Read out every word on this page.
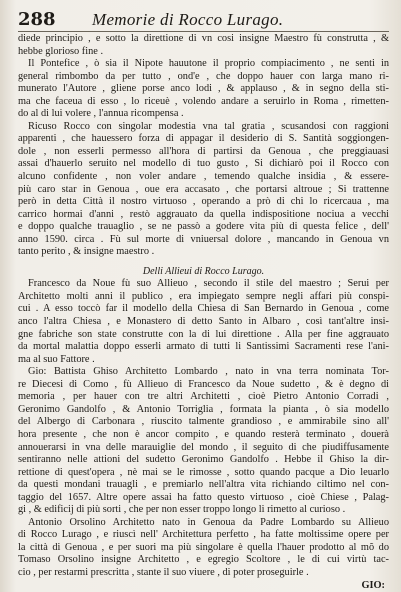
288	Memorie di Rocco Lurago.
diede principio , e sotto la direttione di vn cosi insigne Maestro fù construtta , &
hebbe glorioso fine .
Il Pontefice , ò sia il Nipote hauutone il proprio compiacimento , ne senti in
general rimbombo da per tutto , ond'e , che doppo hauer con larga mano ri-
munerato l'Autore , gliene porse anco lodi , & applauso , & in segno della sti-
ma che faceua di esso , lo riceuè , volendo andare a seruirlo in Roma , rimetten-
do al di lui volere , l'annua ricompensa .
Ricuso Rocco con singolar modestia vna tal gratia , scusandosi con raggioni
apparenti , che hauessero forza di appagar il desiderio di S. Santità soggiongen-
dole , non esserli permesso all'hora di partirsi da Genoua , che preggiauasi
assai d'hauerlo seruito nel modello di tuo gusto , Si dichiarò poi il Rocco con
alcuno confidente , non voler andare , temendo qualche insidia , & essere-
più caro star in Genoua , oue era accasato , che portarsi altroue ; Si trattenne
però in detta Città il nostro virtuoso , operando a prò di chi lo ricercaua , ma
carrico hormai d'anni , restò aggrauato da quella indispositione nociua a vecchi
e doppo qualche trauaglio , se ne passò a godere vita più di questa felice , dell'
anno 1590. circa . Fù sul morte di vniuersal dolore , mancando in Genoua vn
tanto perito , & insigne maestro .
Delli Allieui di Rocco Lurago.
Francesco da Noue fù suo Allieuo , secondo il stile del maestro ; Serui per
Architetto molti anni il publico , era impiegato sempre negli affari più conspi-
cui . A esso toccò far il modello della Chiesa di San Bernardo in Genoua , come
anco l'altra Chiesa , e Monastero di detto Santo in Albaro , così tant'altre insi-
gne fabriche son state construtte con la di lui direttione . Alla per fine aggrauato
da mortal malattia doppo esserli armato di tutti li Santissimi Sacramenti rese l'ani-
ma al suo Fattore .
Gio: Battista Ghiso Architetto Lombardo , nato in vna terra nominata Tor-
re Diecesi di Como , fù Allieuo di Francesco da Noue sudetto , & è degno di
memoria , per hauer con tre altri Architetti , cioè Pietro Antonio Corradi ,
Geronimo Gandolfo , & Antonio Torriglia , formata la pianta , ò sia modello
del Albergo di Carbonara , riuscito talmente grandioso , e ammirabile sino all'
hora presente , che non è ancor compito , e quando resterà terminato , douerà
annouerarsi in vna delle marauiglie del mondo , il seguito di che piudiffusamente
sentiranno nelle attioni del sudetto Geronimo Gandolfo . Hebbe il Ghiso la dir-
rettione di quest'opera , nè mai se le rimosse , sotto quando pacque a Dio leuarlo
da questi mondani trauagli , e premiarlo nell'altra vita richiando ciltimo nel con-
taggio del 1657. Altre opere assai ha fatto questo virtuoso , cioè Chiese , Palag-
gi , & edificij di più sorti , che per non esser troppo longo li rimetto al curioso .
Antonio Orsolino Architetto nato in Genoua da Padre Lombardo su Allieuo
di Rocco Lurago , e riuscì nell' Architettura perfetto , ha fatte moltissime opere per
la città di Genoua , e per suori ma più singolare è quella l'hauer prodotto al mõ do
Tomaso Orsolino insigne Architetto , e egregio Scoltore , le di cui virtù tac-
cio , per restarmi prescritta , stante il suo viuere , di poter proseguirle .
GIO:
